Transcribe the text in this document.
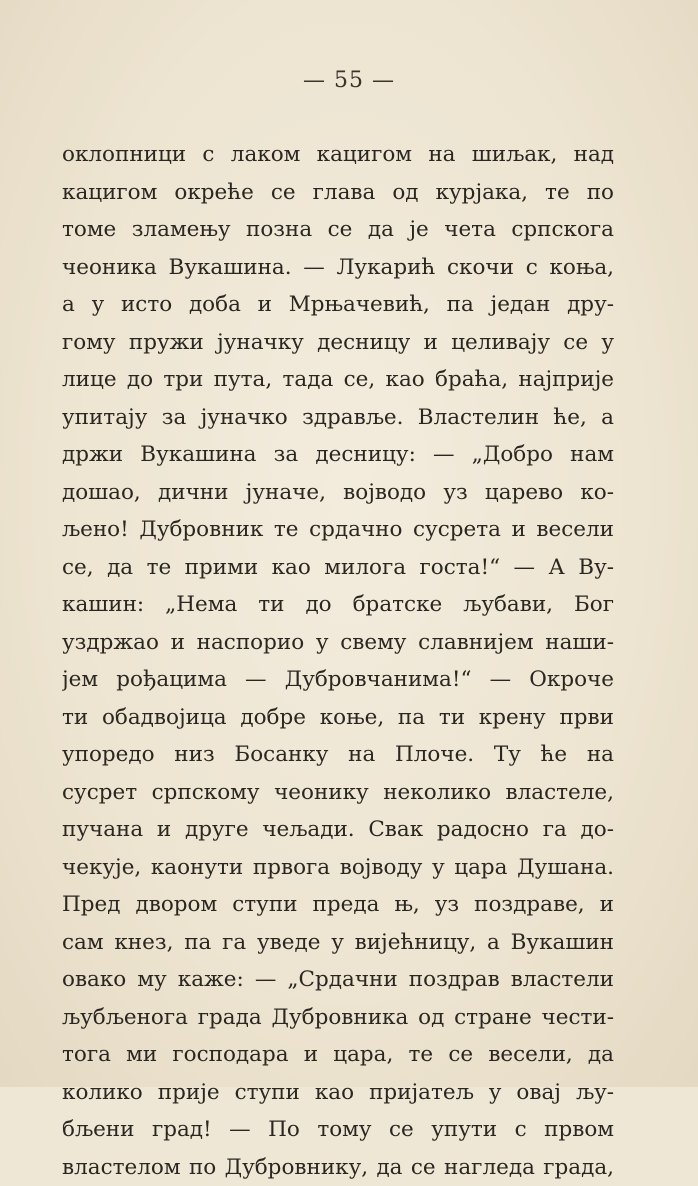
— 55 —
оклопници с лаком кацигом на шиљак, над
кацигом окреће се глава од курјака, те по
томе зламењу позна се да је чета српскога
чеоника Вукашина. — Лукарић скочи с коња,
а у исто доба и Мрњачевић, па један дру-
гому пружи јуначку десницу и целивају се у
лице до три пута, тада се, као браћа, најприје
упитају за јуначко здравље. Властелин ће, а
држи Вукашина за десницу: — „Добро нам
дошао, дични јуначе, војводо уз царево ко-
љено! Дубровник те срдачно сусрета и весели
се, да те прими као милога госта!“ — А Ву-
кашин: „Нема ти до братске љубави, Бог
уздржао и наспорио у свему славнијем наши-
јем рођацима — Дубровчанима!“ — Окроче
ти обадвојица добре коње, па ти крену први
упоредо низ Босанку на Плоче. Ту ће на
сусрет српскому чеонику неколико властеле,
пучана и друге чељади. Свак радосно га до-
чекује, каонути првога војводу у цара Душана.
Пред двором ступи преда њ, уз поздраве, и
сам кнез, па га уведе у вијећницу, а Вукашин
овако му каже: — „Срдачни поздрав властели
љубљенога града Дубровника од стране чести-
тога ми господара и цара, те се весели, да
колико прије ступи као пријатељ у овај љу-
бљени град! — По тому се упути с првом
властелом по Дубровнику, да се нагледа града,
